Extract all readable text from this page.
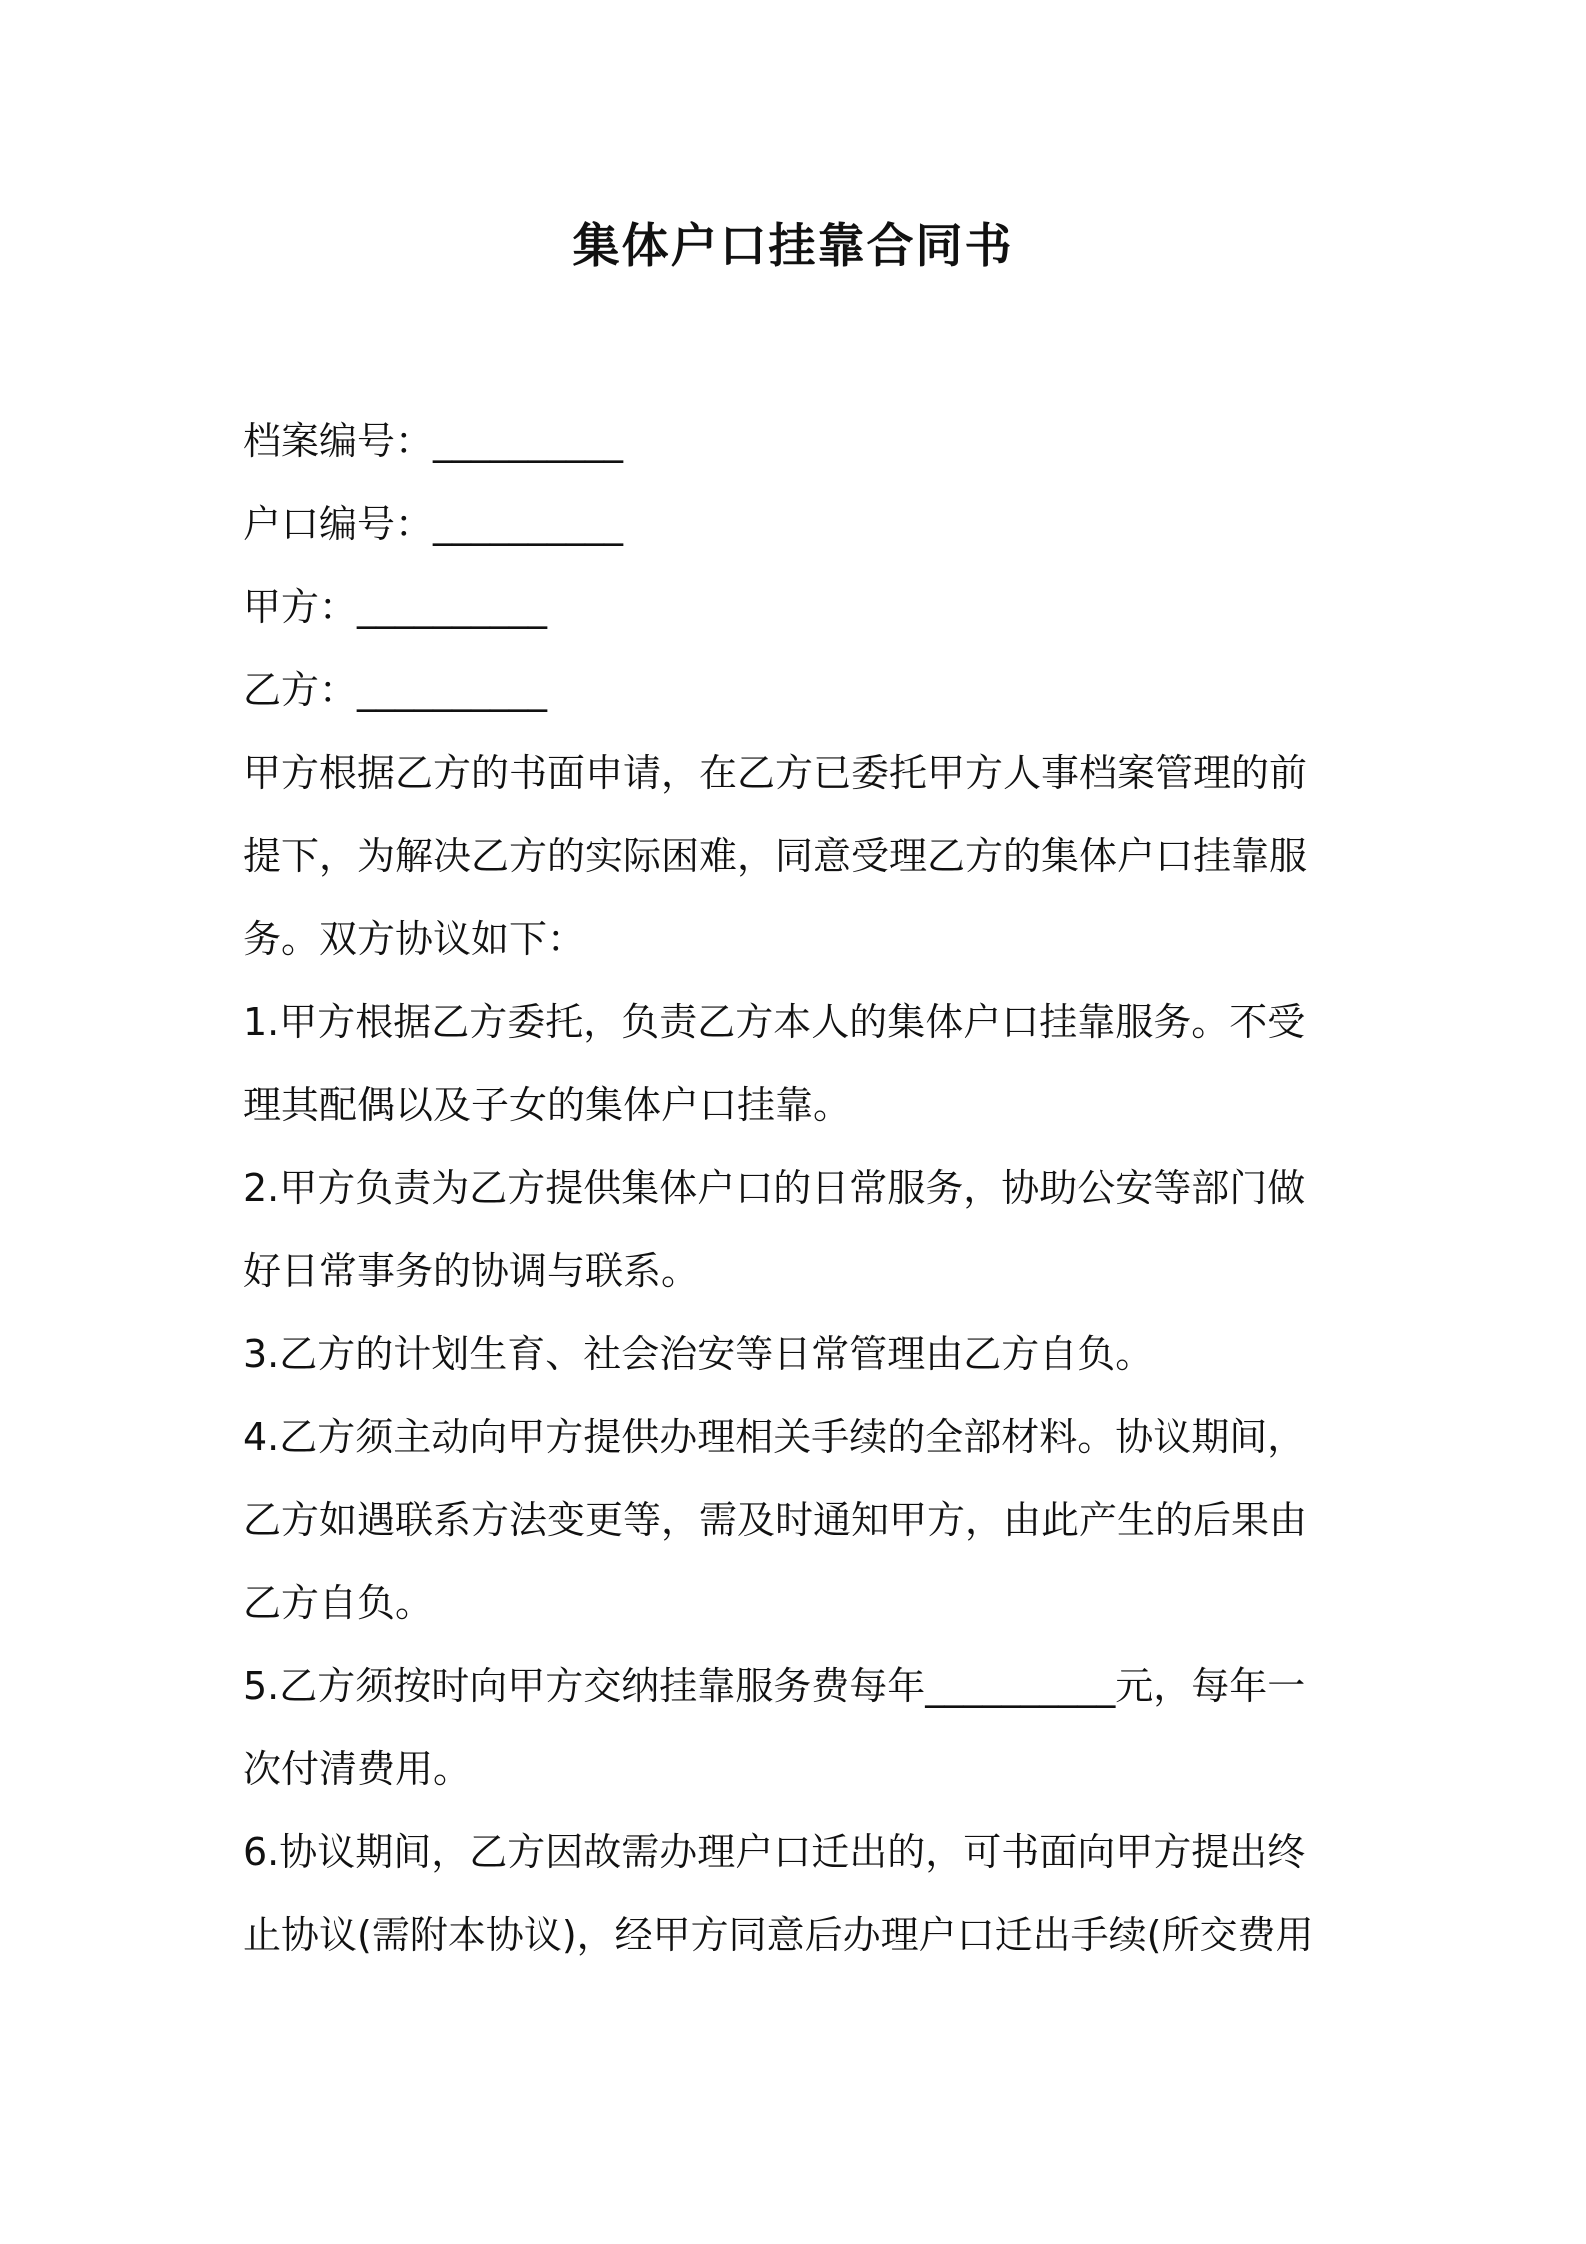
集体户口挂靠合同书
档案编号：__________
户口编号：__________
甲方：__________
乙方：__________
甲方根据乙方的书面申请，在乙方已委托甲方人事档案管理的前
提下，为解决乙方的实际困难，同意受理乙方的集体户口挂靠服
务。双方协议如下：
1.甲方根据乙方委托，负责乙方本人的集体户口挂靠服务。不受
理其配偶以及子女的集体户口挂靠。
2.甲方负责为乙方提供集体户口的日常服务，协助公安等部门做
好日常事务的协调与联系。
3.乙方的计划生育、社会治安等日常管理由乙方自负。
4.乙方须主动向甲方提供办理相关手续的全部材料。协议期间，
乙方如遇联系方法变更等，需及时通知甲方，由此产生的后果由
乙方自负。
5.乙方须按时向甲方交纳挂靠服务费每年__________元，每年一
次付清费用。
6.协议期间，乙方因故需办理户口迁出的，可书面向甲方提出终
止协议(需附本协议)，经甲方同意后办理户口迁出手续(所交费用
